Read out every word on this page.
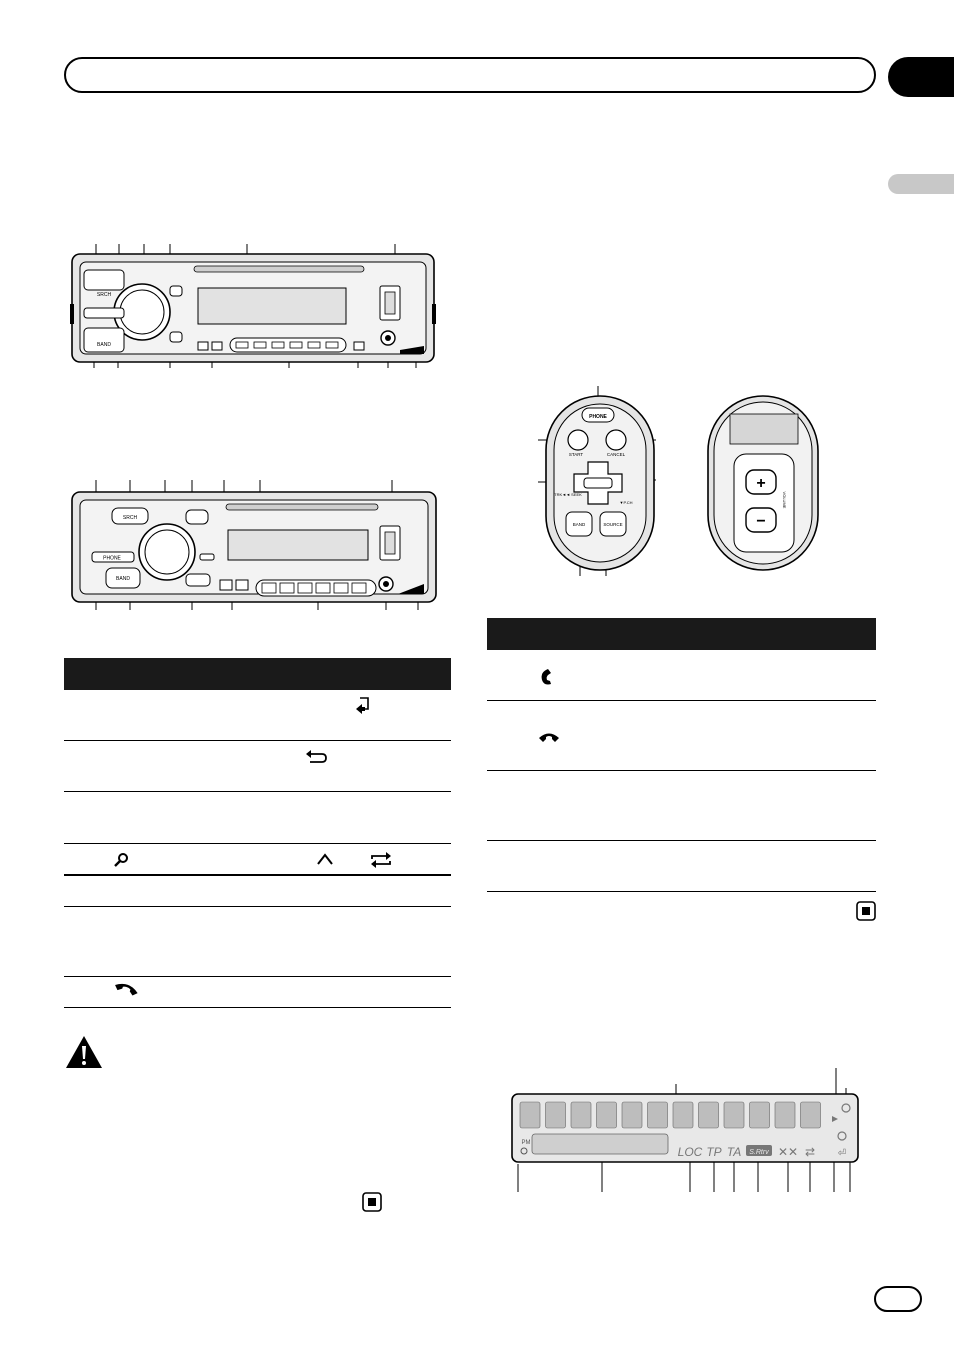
SRCH
BAND
SRCH
PHONE
BAND
PHONE
START	CANCEL
TRK◄◄ SEEK
▼P.CH
BAND	SOURCE
+
−
VOLUME
PM
LOC TP TA S.Rtrv ✕✕ ⇄ ⏎
